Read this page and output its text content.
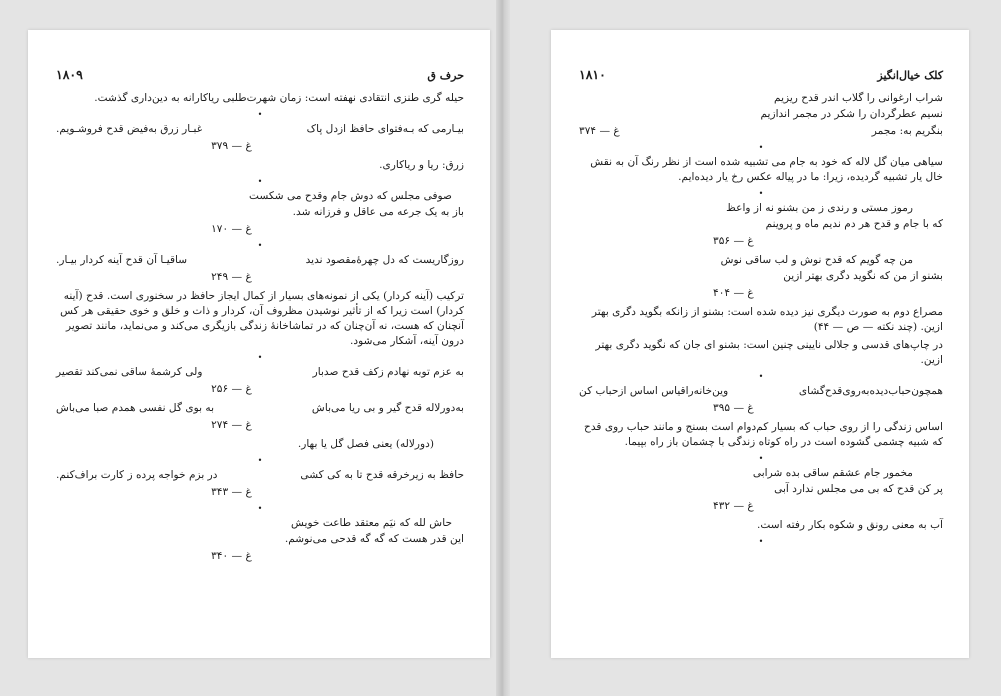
حرف ق
۱۸۰۹

حیله گری طنزی انتقادی نهفته است: زمان شهرت‌طلبی ریاکارانه به دین‌داری گذشت.

•
بیـا‌رمی که بـه‌فتوای حافظ ازدل پاک
غبـار زرق به‌فیض قدح فروشـویم.
غ — ۳۷۹

زرق: ریا و ریاکاری.

•
صوفی مجلس که دوش جام وقدح می شکست
باز به یک جرعه می عاقل و فرزانه شد.
غ — ۱۷۰
•
روزگاریست که دل چهرهٔ‌مقصود ندید
ساقیـا آن قدح آینه کردار بیـار.
غ — ۲۴۹

ترکیب (آینه کردار) یکی از نمونه‌های بسیار از کمال ایجاز حافظ در سخنوری است. قدح (آینه کردار) است زیرا که از تأثیر نوشیدن مظروف آن، کردار و ذات و خلق و خوی حقیقی هر کس آنچنان که هست، نه آن‌چنان که در تماشاخانهٔ زندگی بازیگری می‌کند و می‌نماید، مانند تصویر درون آینه، آشکار می‌شود.

•
به عزم توبه نهادم زکف قدح صدبار
ولی کرشمهٔ ساقی نمی‌کند تقصیر
غ — ۲۵۶
به‌دورلاله قدح گیر و بی ریا می‌باش
به بوی گل نفسی همدم صبا می‌باش
غ — ۲۷۴

(دورلاله) یعنی فصل گل یا بهار.

•
حافظ به زیرخرقه قدح تا به کی کشی
در بزم خواجه پرده ز کارت براف‌کنم.
غ — ۳۴۳
•
حاش لله که نیَم معتقد طاعت خویش
این قدر هست که گه گه قدحی می‌نوشم.
غ — ۳۴۰
کلک خیال‌انگیز
۱۸۱۰
شراب ارغوانی را گلاب اندر قدح ریزیم
نسیم عطرگردان را شکر در مجمر اندازیم
بنگریم به: مجمر
غ — ۳۷۴
•

سیاهی میان گل لاله که خود به جام می تشبیه شده است از نظر رنگ آن به نقش خال یار تشبیه گردیده، زیرا: ما در پیاله عکس رخ یار دیده‌ایم.

•
رموز مستی و رندی ز من بشنو نه از واعظ
که با جام و قدح هر دم ندیم ماه و پروینم
غ — ۳۵۶
من چه گویم که قدح نوش و لب ساقی نوش
بشنو از من که نگوید دگری بهتر ازین
غ — ۴۰۴

مصراع دوم به صورت دیگری نیز دیده شده است: بشنو از زانکه بگوید دگری بهتر ازین. (چند نکته — ص — ۴۴)

در چاپ‌های قدسی و جلالی نایینی چنین است: بشنو ای جان که نگوید دگری بهتر ازین.

•
همچون‌حباب‌دیده‌به‌روی‌قدح‌گشای
وین‌خانه‌راقیاس اساس ازحباب کن
غ — ۳۹۵

اساس زندگی را از روی حباب که بسیار کم‌دوام است بسنج و مانند حباب روی قدح که شبیه چشمی گشوده است در راه کوتاه زندگی با چشمان باز راه بپیما.

•
مخمور جام عشقم ساقی بده شرابی
پر کن قدح که بی می مجلس ندارد آبی
غ — ۴۳۲

آب به معنی رونق و شکوه بکار رفته است.

•
